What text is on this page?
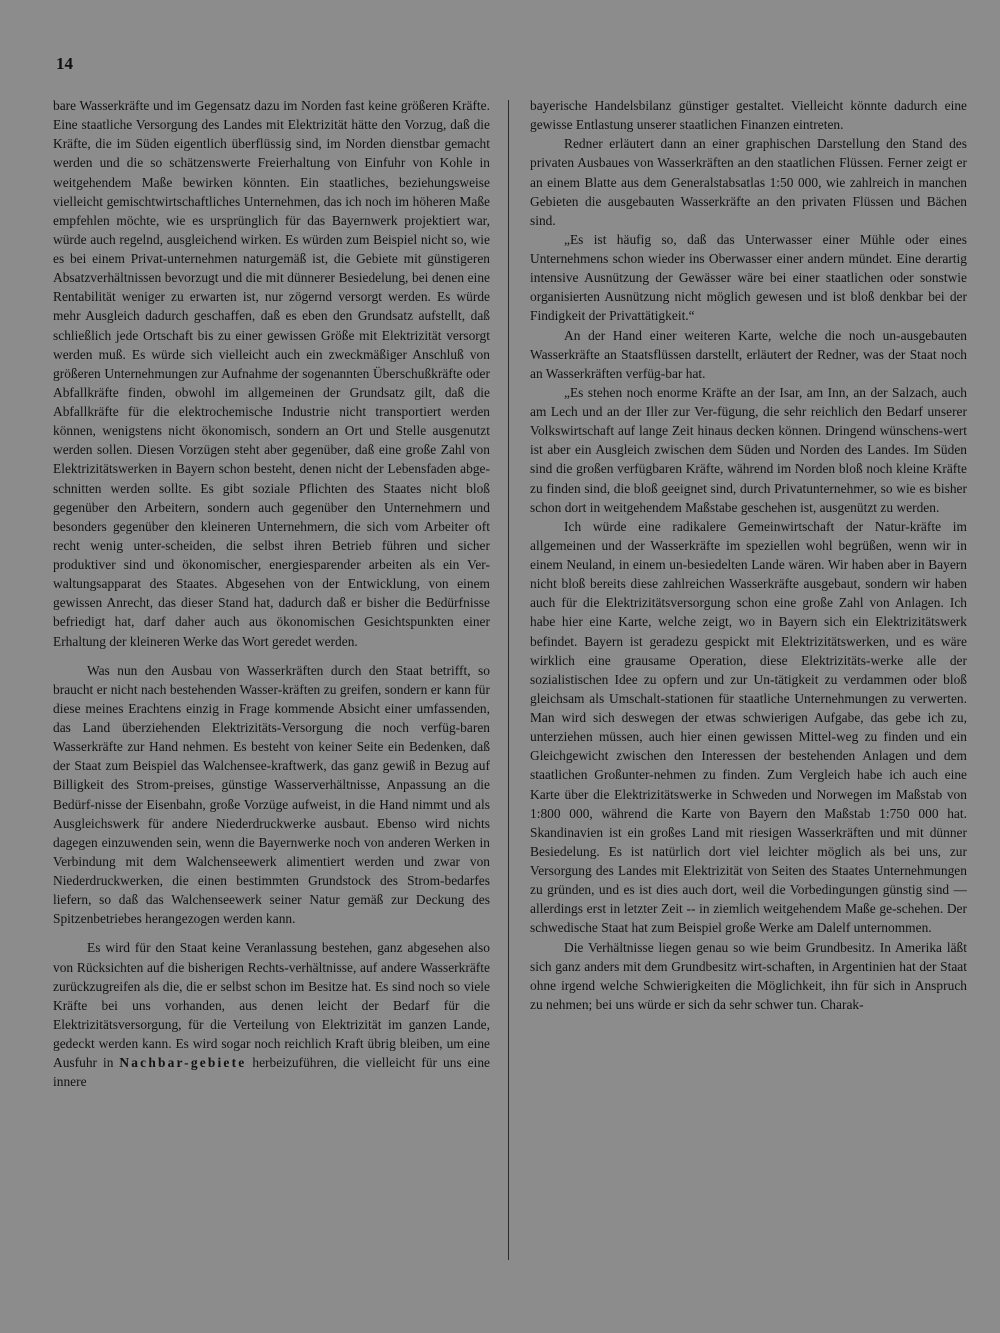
14

bare Wasserkräfte und im Gegensatz dazu im Norden fast keine größeren Kräfte. Eine staatliche Versorgung des Landes mit Elektrizität hätte den Vorzug, daß die Kräfte, die im Süden eigentlich überflüssig sind, im Norden dienstbar gemacht werden und die so schätzenswerte Freierhaltung von Einfuhr von Kohle in weitgehendem Maße bewirken könnten. Ein staatliches, beziehungsweise vielleicht gemischtwirtschaftliches Unternehmen, das ich noch im höheren Maße empfehlen möchte, wie es ursprünglich für das Bayernwerk projektiert war, würde auch regelnd, ausgleichend wirken. Es würden zum Beispiel nicht so, wie es bei einem Privat-unternehmen naturgemäß ist, die Gebiete mit günstigeren Absatzverhältnissen bevorzugt und die mit dünnerer Besiedelung, bei denen eine Rentabilität weniger zu erwarten ist, nur zögernd versorgt werden. Es würde mehr Ausgleich dadurch geschaffen, daß es eben den Grundsatz aufstellt, daß schließlich jede Ortschaft bis zu einer gewissen Größe mit Elektrizität versorgt werden muß. Es würde sich vielleicht auch ein zweckmäßiger Anschluß von größeren Unternehmungen zur Aufnahme der sogenannten Überschußkräfte oder Abfallkräfte finden, obwohl im allgemeinen der Grundsatz gilt, daß die Abfallkräfte für die elektrochemische Industrie nicht transportiert werden können, wenigstens nicht ökonomisch, sondern an Ort und Stelle ausgenutzt werden sollen. Diesen Vorzügen steht aber gegenüber, daß eine große Zahl von Elektrizitätswerken in Bayern schon besteht, denen nicht der Lebensfaden abge-schnitten werden sollte. Es gibt soziale Pflichten des Staates nicht bloß gegenüber den Arbeitern, sondern auch gegenüber den Unternehmern und besonders gegenüber den kleineren Unternehmern, die sich vom Arbeiter oft recht wenig unter-scheiden, die selbst ihren Betrieb führen und sicher produktiver sind und ökonomischer, energiesparender arbeiten als ein Ver-waltungsapparat des Staates. Abgesehen von der Entwicklung, von einem gewissen Anrecht, das dieser Stand hat, dadurch daß er bisher die Bedürfnisse befriedigt hat, darf daher auch aus ökonomischen Gesichtspunkten einer Erhaltung der kleineren Werke das Wort geredet werden.

Was nun den Ausbau von Wasserkräften durch den Staat betrifft, so braucht er nicht nach bestehenden Wasser-kräften zu greifen, sondern er kann für diese meines Erachtens einzig in Frage kommende Absicht einer umfassenden, das Land überziehenden Elektrizitäts-Versorgung die noch verfüg-baren Wasserkräfte zur Hand nehmen. Es besteht von keiner Seite ein Bedenken, daß der Staat zum Beispiel das Walchensee-kraftwerk, das ganz gewiß in Bezug auf Billigkeit des Strom-preises, günstige Wasserverhältnisse, Anpassung an die Bedürf-nisse der Eisenbahn, große Vorzüge aufweist, in die Hand nimmt und als Ausgleichswerk für andere Niederdruckwerke ausbaut. Ebenso wird nichts dagegen einzuwenden sein, wenn die Bayernwerke noch von anderen Werken in Verbindung mit dem Walchenseewerk alimentiert werden und zwar von Niederdruckwerken, die einen bestimmten Grundstock des Strom-bedarfes liefern, so daß das Walchenseewerk seiner Natur gemäß zur Deckung des Spitzenbetriebes herangezogen werden kann.

Es wird für den Staat keine Veranlassung bestehen, ganz abgesehen also von Rücksichten auf die bisherigen Rechts-verhältnisse, auf andere Wasserkräfte zurückzugreifen als die, die er selbst schon im Besitze hat. Es sind noch so viele Kräfte bei uns vorhanden, aus denen leicht der Bedarf für die Elektrizitätsversorgung, für die Verteilung von Elektrizität im ganzen Lande, gedeckt werden kann. Es wird sogar noch reichlich Kraft übrig bleiben, um eine Ausfuhr in Nachbar-gebiete herbeizuführen, die vielleicht für uns eine innere

bayerische Handelsbilanz günstiger gestaltet. Vielleicht könnte dadurch eine gewisse Entlastung unserer staatlichen Finanzen eintreten.

Redner erläutert dann an einer graphischen Darstellung den Stand des privaten Ausbaues von Wasserkräften an den staatlichen Flüssen. Ferner zeigt er an einem Blatte aus dem Generalstabsatlas 1:50 000, wie zahlreich in manchen Gebieten die ausgebauten Wasserkräfte an den privaten Flüssen und Bächen sind.

„Es ist häufig so, daß das Unterwasser einer Mühle oder eines Unternehmens schon wieder ins Oberwasser einer andern mündet. Eine derartig intensive Ausnützung der Gewässer wäre bei einer staatlichen oder sonstwie organisierten Ausnützung nicht möglich gewesen und ist bloß denkbar bei der Findigkeit der Privattätigkeit.“

An der Hand einer weiteren Karte, welche die noch un-ausgebauten Wasserkräfte an Staatsflüssen darstellt, erläutert der Redner, was der Staat noch an Wasserkräften verfüg-bar hat.

„Es stehen noch enorme Kräfte an der Isar, am Inn, an der Salzach, auch am Lech und an der Iller zur Ver-fügung, die sehr reichlich den Bedarf unserer Volkswirtschaft auf lange Zeit hinaus decken können. Dringend wünschens-wert ist aber ein Ausgleich zwischen dem Süden und Norden des Landes. Im Süden sind die großen verfügbaren Kräfte, während im Norden bloß noch kleine Kräfte zu finden sind, die bloß geeignet sind, durch Privatunternehmer, so wie es bisher schon dort in weitgehendem Maßstabe geschehen ist, ausgenützt zu werden.

Ich würde eine radikalere Gemeinwirtschaft der Natur-kräfte im allgemeinen und der Wasserkräfte im speziellen wohl begrüßen, wenn wir in einem Neuland, in einem un-besiedelten Lande wären. Wir haben aber in Bayern nicht bloß bereits diese zahlreichen Wasserkräfte ausgebaut, sondern wir haben auch für die Elektrizitätsversorgung schon eine große Zahl von Anlagen. Ich habe hier eine Karte, welche zeigt, wo in Bayern sich ein Elektrizitätswerk befindet. Bayern ist geradezu gespickt mit Elektrizitätswerken, und es wäre wirklich eine grausame Operation, diese Elektrizitäts-werke alle der sozialistischen Idee zu opfern und zur Un-tätigkeit zu verdammen oder bloß gleichsam als Umschalt-stationen für staatliche Unternehmungen zu verwerten. Man wird sich deswegen der etwas schwierigen Aufgabe, das gebe ich zu, unterziehen müssen, auch hier einen gewissen Mittel-weg zu finden und ein Gleichgewicht zwischen den Interessen der bestehenden Anlagen und dem staatlichen Großunter-nehmen zu finden. Zum Vergleich habe ich auch eine Karte über die Elektrizitätswerke in Schweden und Norwegen im Maßstab von 1:800 000, während die Karte von Bayern den Maßstab 1:750 000 hat. Skandinavien ist ein großes Land mit riesigen Wasserkräften und mit dünner Besiedelung. Es ist natürlich dort viel leichter möglich als bei uns, zur Versorgung des Landes mit Elektrizität von Seiten des Staates Unternehmungen zu gründen, und es ist dies auch dort, weil die Vorbedingungen günstig sind — allerdings erst in letzter Zeit -- in ziemlich weitgehendem Maße ge-schehen. Der schwedische Staat hat zum Beispiel große Werke am Dalelf unternommen.

Die Verhältnisse liegen genau so wie beim Grundbesitz. In Amerika läßt sich ganz anders mit dem Grundbesitz wirt-schaften, in Argentinien hat der Staat ohne irgend welche Schwierigkeiten die Möglichkeit, ihn für sich in Anspruch zu nehmen; bei uns würde er sich da sehr schwer tun. Charak-
